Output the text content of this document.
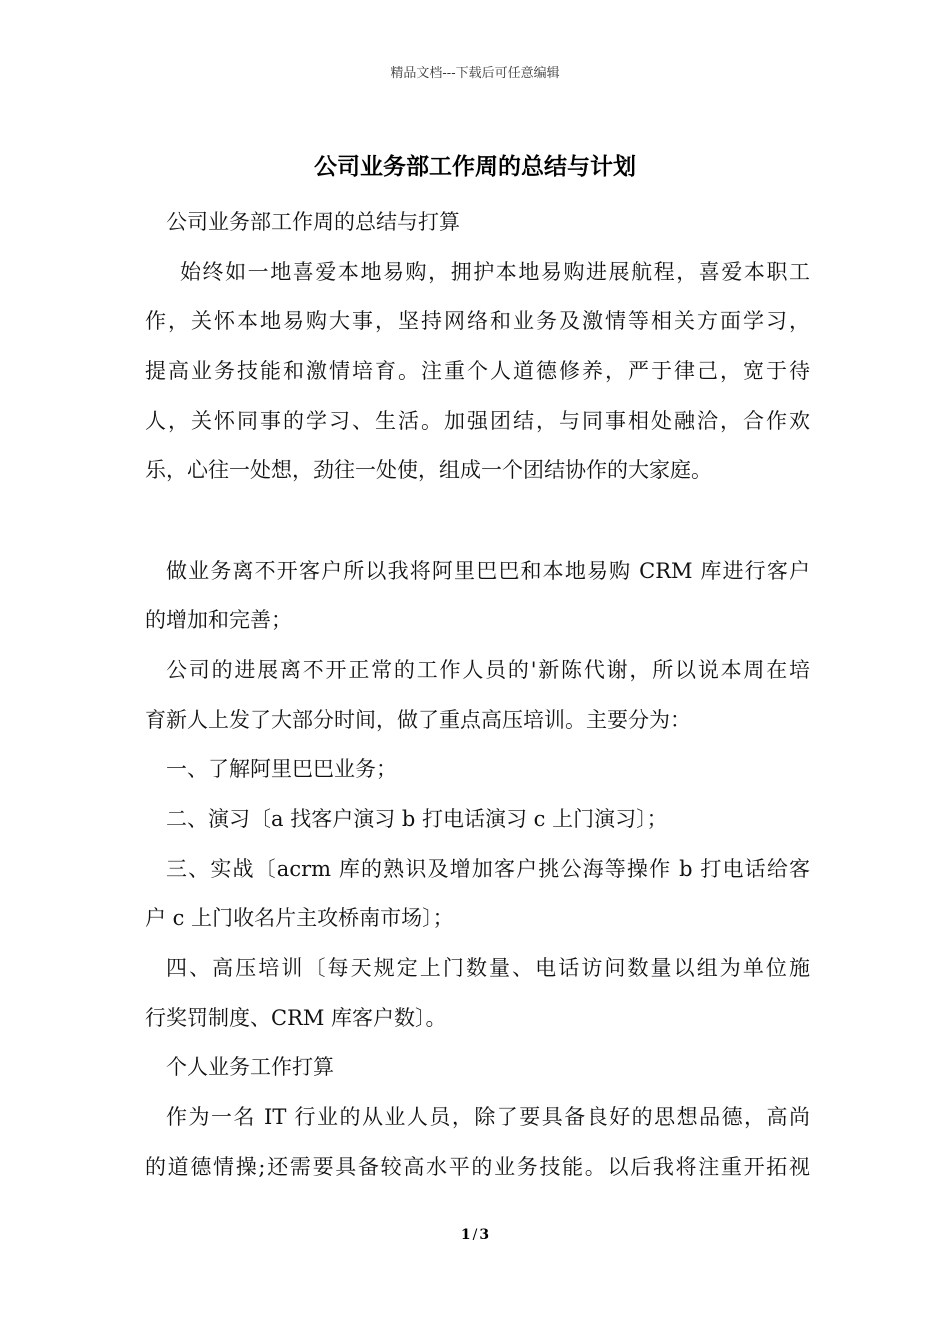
精品文档---下载后可任意编辑
公司业务部工作周的总结与计划
公司业务部工作周的总结与打算
始终如一地喜爱本地易购，拥护本地易购进展航程，喜爱本职工
作，关怀本地易购大事，坚持网络和业务及激情等相关方面学习，
提高业务技能和激情培育。注重个人道德修养，严于律己，宽于待
人，关怀同事的学习、生活。加强团结，与同事相处融洽，合作欢
乐，心往一处想，劲往一处使，组成一个团结协作的大家庭。
做业务离不开客户所以我将阿里巴巴和本地易购 CRM 库进行客户
的增加和完善；
公司的进展离不开正常的工作人员的'新陈代谢，所以说本周在培
育新人上发了大部分时间，做了重点高压培训。主要分为：
一、了解阿里巴巴业务；
二、演习〔a 找客户演习 b 打电话演习 c 上门演习〕；
三、实战〔acrm 库的熟识及增加客户挑公海等操作 b 打电话给客
户 c 上门收名片主攻桥南市场〕；
四、高压培训〔每天规定上门数量、电话访问数量以组为单位施
行奖罚制度、CRM 库客户数〕。
个人业务工作打算
作为一名 IT 行业的从业人员，除了要具备良好的思想品德，高尚
的道德情操;还需要具备较高水平的业务技能。以后我将注重开拓视
1 / 3
